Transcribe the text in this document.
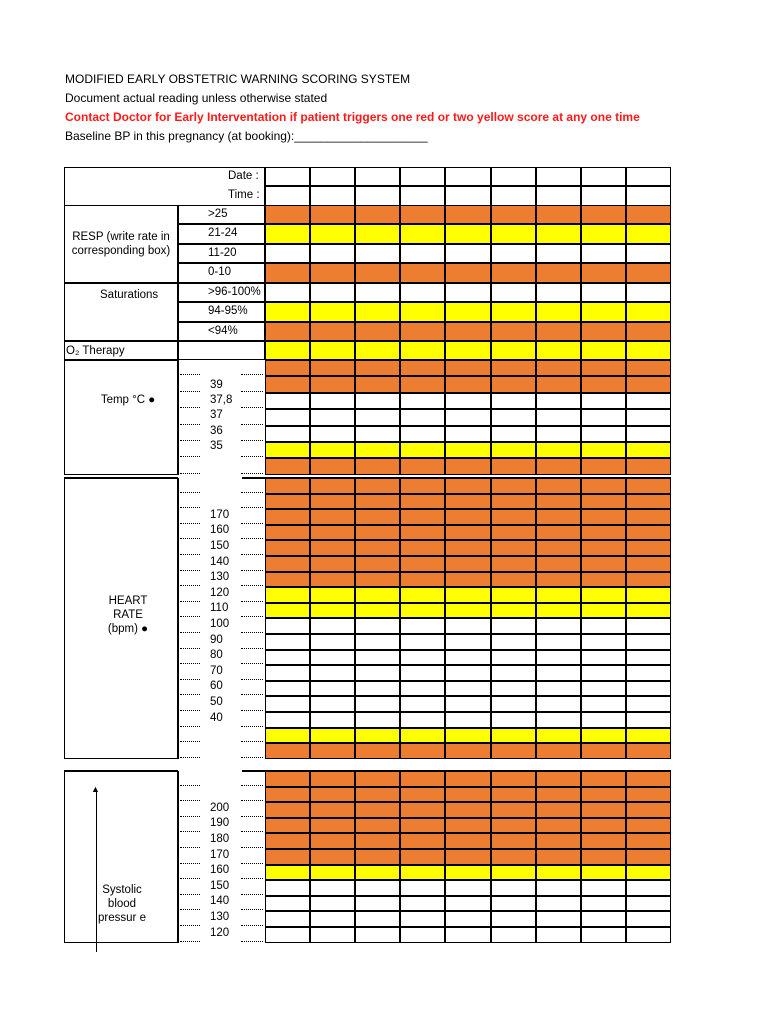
MODIFIED EARLY OBSTETRIC WARNING SCORING SYSTEM
Document actual reading unless otherwise stated
Contact Doctor for Early Interventation if patient triggers one red or two yellow score at any one time
Baseline BP in this pregnancy (at booking):____________________
Date :
Time :
>25
21-24
11-20
0-10
RESP (write rate in corresponding box)
>96-100%
94-95%
<94%
Saturations
O₂ Therapy
39
37,8
37
36
35
Temp °C ●
170
160
150
140
130
120
110
100
90
80
70
60
50
40
HEART RATE (bpm) ●
200
190
180
170
160
150
140
130
120
Systolic blood pressur e
▲
